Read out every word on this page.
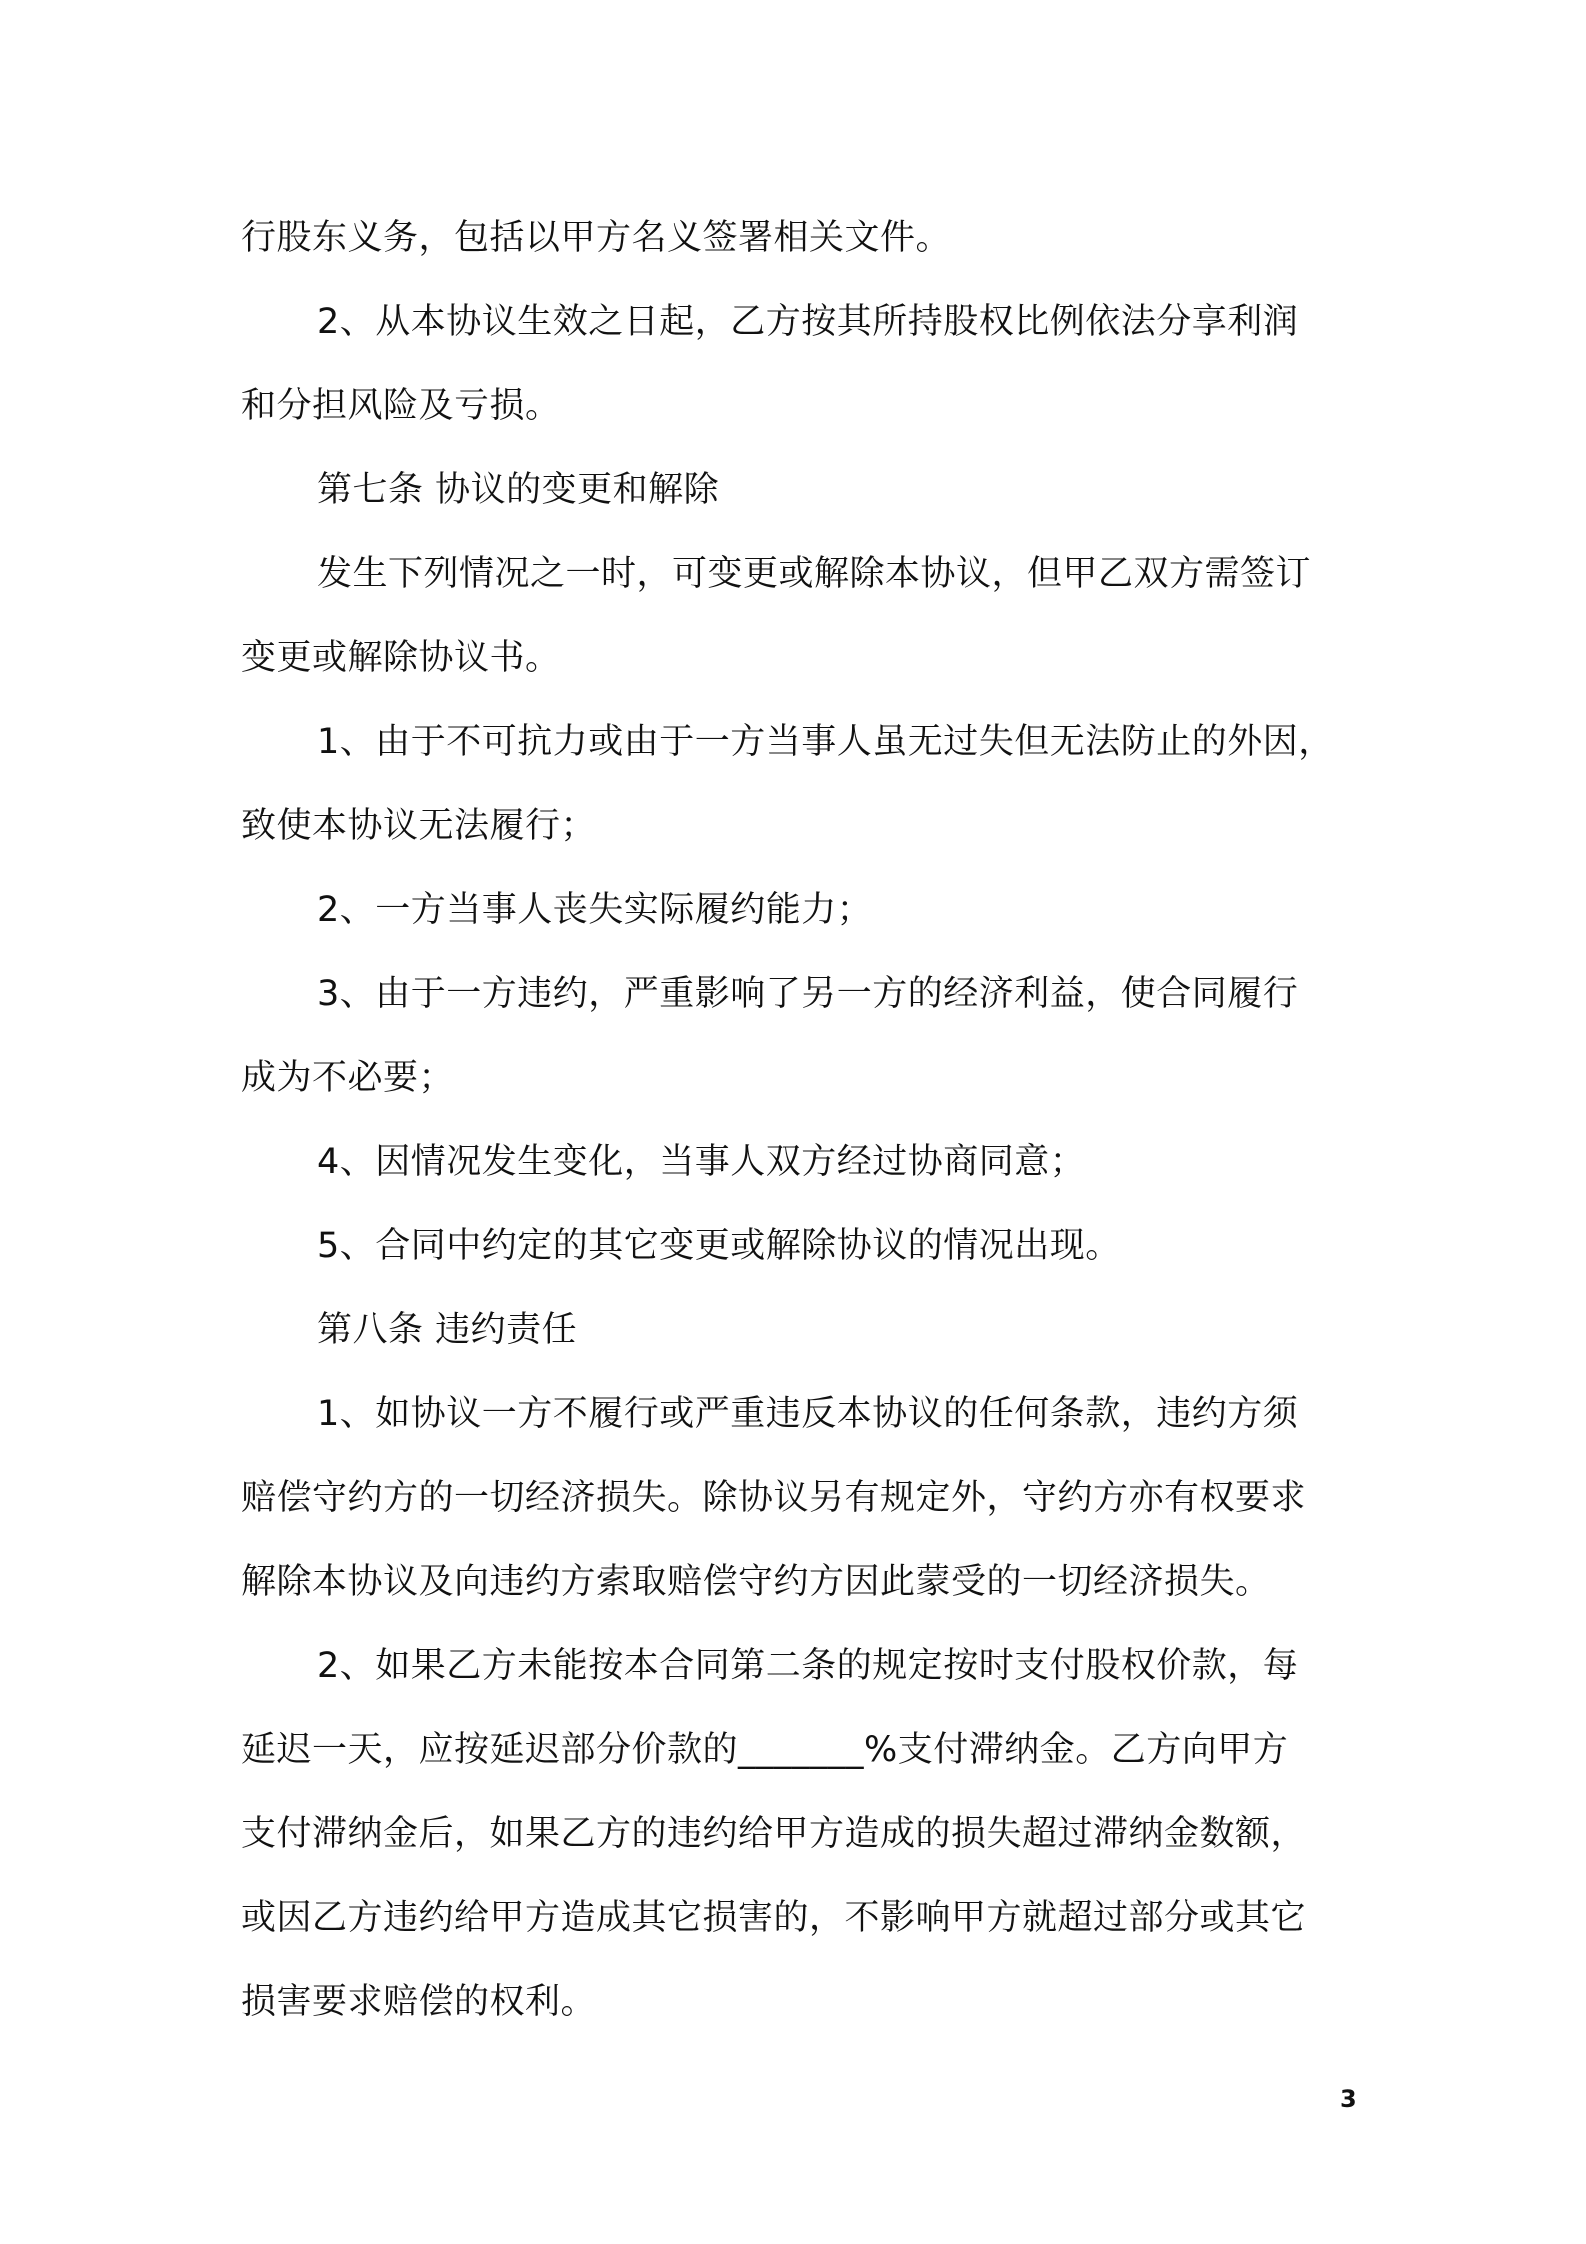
行股东义务，包括以甲方名义签署相关文件。
2、从本协议生效之日起，乙方按其所持股权比例依法分享利润
和分担风险及亏损。
第七条 协议的变更和解除
发生下列情况之一时，可变更或解除本协议，但甲乙双方需签订
变更或解除协议书。
1、由于不可抗力或由于一方当事人虽无过失但无法防止的外因，
致使本协议无法履行；
2、一方当事人丧失实际履约能力；
3、由于一方违约，严重影响了另一方的经济利益，使合同履行
成为不必要；
4、因情况发生变化，当事人双方经过协商同意；
5、合同中约定的其它变更或解除协议的情况出现。
第八条 违约责任
1、如协议一方不履行或严重违反本协议的任何条款，违约方须
赔偿守约方的一切经济损失。除协议另有规定外，守约方亦有权要求
解除本协议及向违约方索取赔偿守约方因此蒙受的一切经济损失。
2、如果乙方未能按本合同第二条的规定按时支付股权价款，每
延迟一天，应按延迟部分价款的_______%支付滞纳金。乙方向甲方
支付滞纳金后，如果乙方的违约给甲方造成的损失超过滞纳金数额，
或因乙方违约给甲方造成其它损害的，不影响甲方就超过部分或其它
损害要求赔偿的权利。
3
